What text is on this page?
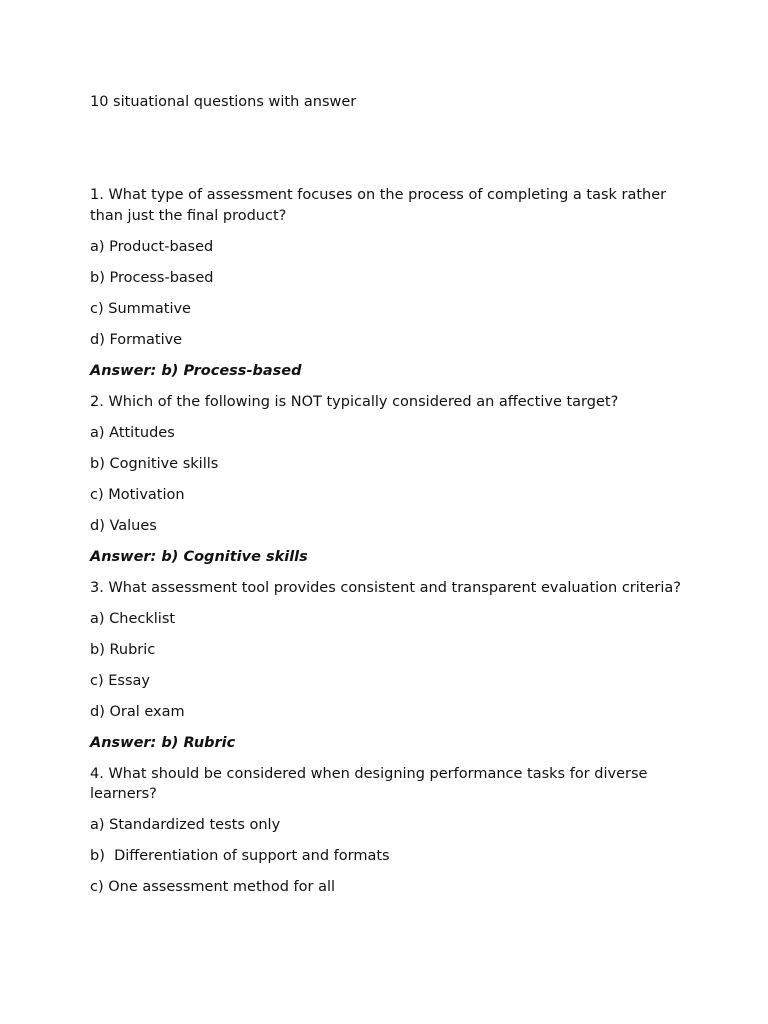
10 situational questions with answer

1. What type of assessment focuses on the process of completing a task rather than just the final product?

a) Product-based

b) Process-based

c) Summative

d) Formative

Answer: b) Process-based

2. Which of the following is NOT typically considered an affective target?

a) Attitudes

b) Cognitive skills

c) Motivation

d) Values

Answer: b) Cognitive skills

3. What assessment tool provides consistent and transparent evaluation criteria?

a) Checklist

b) Rubric

c) Essay

d) Oral exam

Answer: b) Rubric

4. What should be considered when designing performance tasks for diverse learners?

a) Standardized tests only

b)  Differentiation of support and formats

c) One assessment method for all
